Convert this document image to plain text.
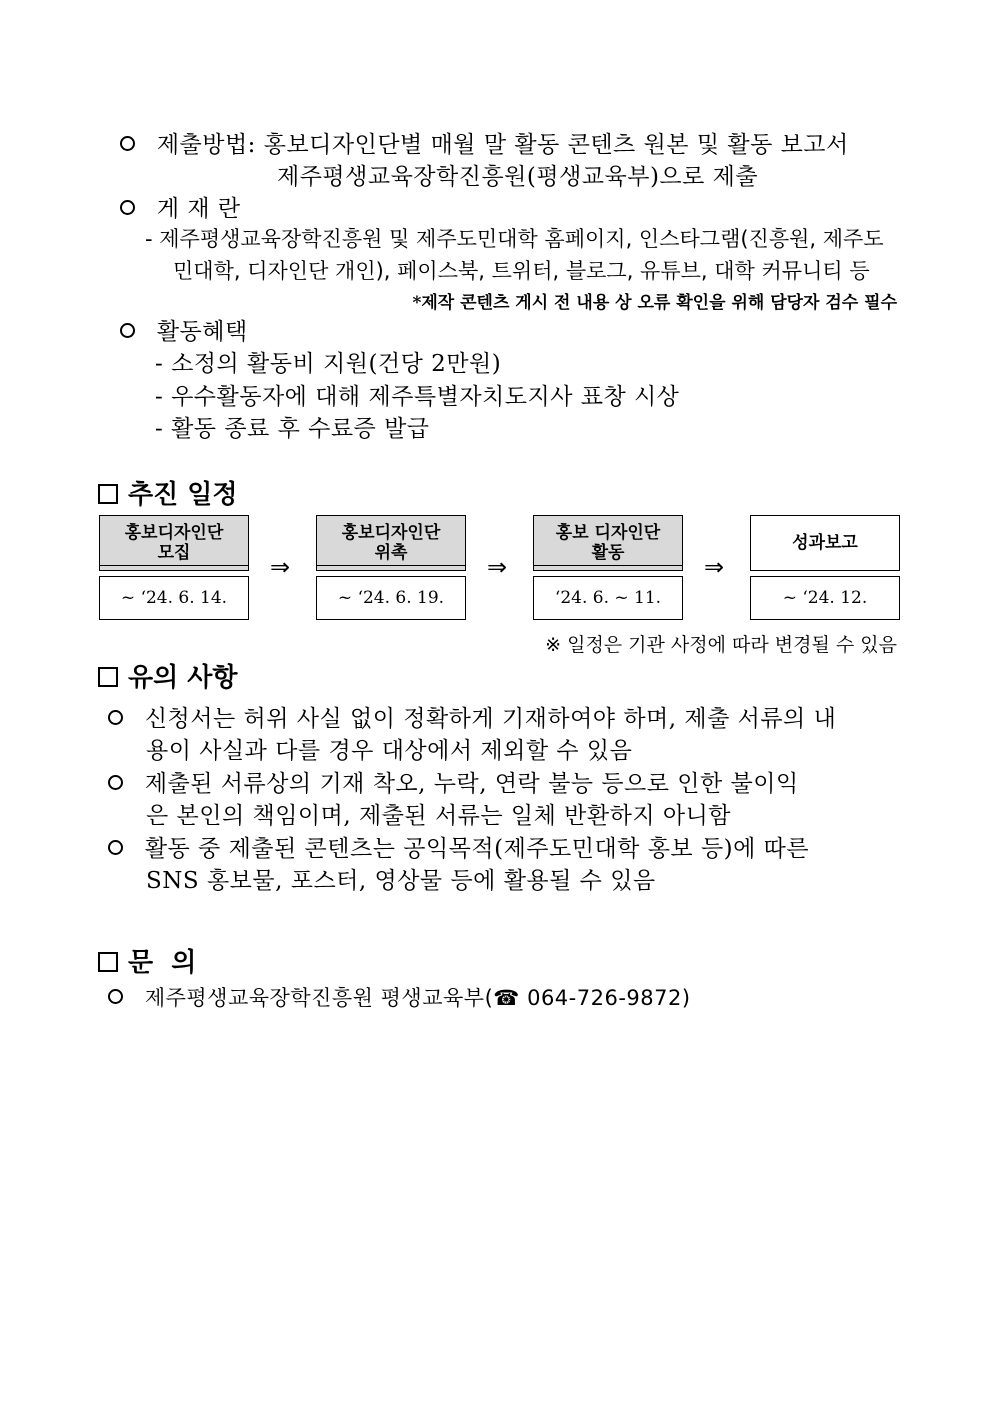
제출방법: 홍보디자인단별 매월 말 활동 콘텐츠 원본 및 활동 보고서
제주평생교육장학진흥원(평생교육부)으로 제출
게 재 란
- 제주평생교육장학진흥원 및 제주도민대학 홈페이지, 인스타그램(진흥원, 제주도
민대학, 디자인단 개인), 페이스북, 트위터, 블로그, 유튜브, 대학 커뮤니티 등
*제작 콘텐츠 게시 전 내용 상 오류 확인을 위해 담당자 검수 필수
활동혜택
- 소정의 활동비 지원(건당 2만원)
- 우수활동자에 대해 제주특별자치도지사 표창 시상
- 활동 종료 후 수료증 발급
추진 일정
홍보디자인단
모집
~ ‘24. 6. 14.
⇒
홍보디자인단
위촉
~ ‘24. 6. 19.
⇒
홍보 디자인단
활동
‘24. 6. ~ 11.
⇒
성과보고
~ ‘24. 12.
※ 일정은 기관 사정에 따라 변경될 수 있음
유의 사항
신청서는 허위 사실 없이 정확하게 기재하여야 하며, 제출 서류의 내
용이 사실과 다를 경우 대상에서 제외할 수 있음
제출된 서류상의 기재 착오, 누락, 연락 불능 등으로 인한 불이익
은 본인의 책임이며, 제출된 서류는 일체 반환하지 아니함
활동 중 제출된 콘텐츠는 공익목적(제주도민대학 홍보 등)에 따른
SNS 홍보물, 포스터, 영상물 등에 활용될 수 있음
문  의
제주평생교육장학진흥원 평생교육부(☎ 064-726-9872)
